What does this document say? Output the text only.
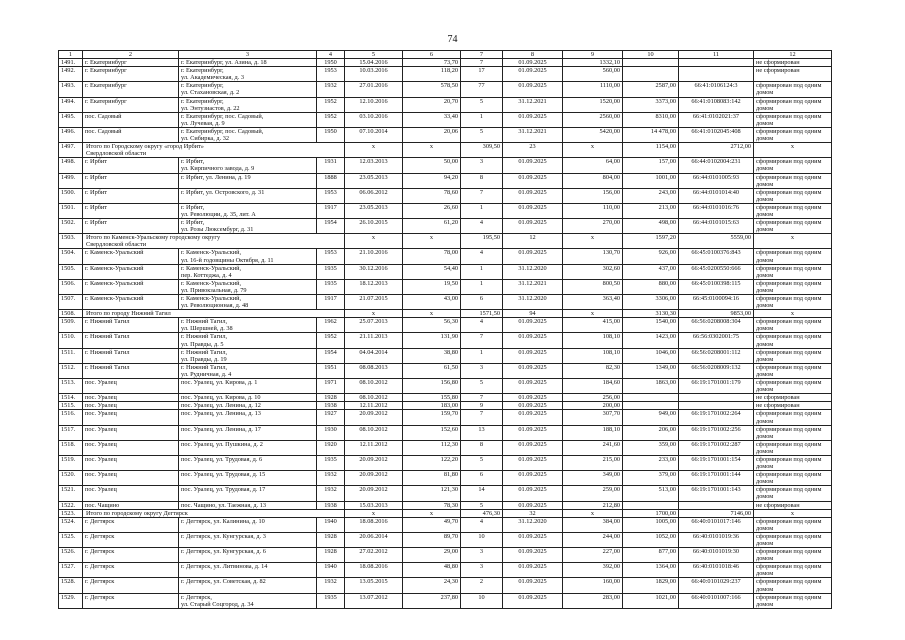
74
1	2	3	4	5	6	7	8	9	10	11	12	
1491.	г. Екатеринбург	г. Екатеринбург, ул. Азина, д. 18	1950	15.04.2016	73,70	7	01.09.2025	1332,10			не сформирован	
1492.	г. Екатеринбург	г. Екатеринбург,
ул. Академическая, д. 3	1953	10.03.2016	118,20	17	01.09.2025	560,00			не сформирован	
1493.	г. Екатеринбург	г. Екатеринбург,
ул. Стахановская, д. 2	1932	27.01.2016	578,50	77	01.09.2025	1110,00	2587,00	66:41:0106124:3	сформирован под одним домом	
1494.	г. Екатеринбург	г. Екатеринбург,
ул. Энтузиастов, д. 22	1952	12.10.2016	20,70	5	31.12.2021	1520,00	3373,00	66:41:0108083:142	сформирован под одним домом	
1495.	пос. Садовый	г. Екатеринбург, пос. Садовый,
ул. Лучевая, д. 9	1952	03.10.2016	33,40	1	01.09.2025	2560,00	8310,00	66:41:0102021:37	сформирован под одним домом	
1496.	пос. Садовый	г. Екатеринбург, пос. Садовый,
ул. Сибирка, д. 32	1950	07.10.2014	20,06	5	31.12.2021	5420,00	14 478,00	66:41:0102045:408	сформирован под одним домом	
1497.	Итого по Городскому округу «город Ирбит»
Свердловской области			x	x	309,50	23	x	1154,00	2712,00	x	
1498.	г. Ирбит	г. Ирбит,
ул. Кирпичного завода, д. 9	1931	12.03.2013	50,00	3	01.09.2025	64,00	157,00	66:44:0102004:231	сформирован под одним домом	
1499.	г. Ирбит	г. Ирбит, ул. Ленина, д. 19	1888	23.05.2013	94,20	8	01.09.2025	804,00	1001,00	66:44:0101005:93	сформирован под одним домом	
1500.	г. Ирбит	г. Ирбит, ул. Островского, д. 31	1953	06.06.2012	78,60	7	01.09.2025	156,00	243,00	66:44:0101014:40	сформирован под одним домом	
1501.	г. Ирбит	г. Ирбит,
ул. Революции, д. 35, лит. А	1917	23.05.2013	26,60	1	01.09.2025	110,00	213,00	66:44:0101016:76	сформирован под одним домом	
1502.	г. Ирбит	г. Ирбит,
ул. Розы Люксембург, д. 31	1954	26.10.2015	61,20	4	01.09.2025	270,00	498,00	66:44:0101015:63	сформирован под одним домом	
1503.	Итого по Каменск-Уральскому городскому округу
Свердловской области			x	x	195,50	12	x	1597,20	5559,00	x	
1504.	г. Каменск-Уральский	г. Каменск-Уральский,
ул. 16-й годовщины Октября, д. 11	1953	21.10.2016	78,00	4	01.09.2025	130,70	926,00	66:45:0100376:843	сформирован под одним домом	
1505.	г. Каменск-Уральский	г. Каменск-Уральский,
пер. Коттеджа, д. 4	1935	30.12.2016	54,40	1	31.12.2020	302,60	437,00	66:45:0200550:666	сформирован под одним домом	
1506.	г. Каменск-Уральский	г. Каменск-Уральский,
ул. Привокзальная, д. 79	1935	18.12.2013	19,50	1	31.12.2021	800,50	880,00	66:45:0100398:115	сформирован под одним домом	
1507.	г. Каменск-Уральский	г. Каменск-Уральский,
ул. Революционная, д. 48	1917	21.07.2015	43,00	6	31.12.2020	363,40	3306,00	66:45:0100094:16	сформирован под одним домом	
1508.	Итого по городу Нижний Тагил			x	x	1571,50	94	x	3130,30	9853,00	x	
1509.	г. Нижний Тагил	г. Нижний Тагил,
ул. Шершней, д. 38	1962	25.07.2013	56,30	4	01.09.2025	415,00	1540,00	66:56:0208008:304	сформирован под одним домом	
1510.	г. Нижний Тагил	г. Нижний Тагил,
ул. Правды, д. 5	1952	21.11.2013	131,90	7	01.09.2025	108,10	1423,00	66:56:0302001:75	сформирован под одним домом	
1511.	г. Нижний Тагил	г. Нижний Тагил,
ул. Правды, д. 19	1954	04.04.2014	38,80	1	01.09.2025	108,10	1046,00	66:56:0208001:112	сформирован под одним домом	
1512.	г. Нижний Тагил	г. Нижний Тагил,
ул. Рудничная, д. 4	1951	08.08.2013	61,50	3	01.09.2025	82,30	1349,00	66:56:0208009:132	сформирован под одним домом	
1513.	пос. Уралец	пос. Уралец, ул. Кирова, д. 1	1971	08.10.2012	156,80	5	01.09.2025	184,60	1863,00	66:19:1701001:179	сформирован под одним домом	
1514.	пос. Уралец	пос. Уралец, ул. Кирова, д. 10	1928	08.10.2012	155,80	7	01.09.2025	256,00			не сформирован	
1515.	пос. Уралец	пос. Уралец, ул. Ленина, д. 12	1938	12.11.2012	183,00	9	01.09.2025	200,00			не сформирован	
1516.	пос. Уралец	пос. Уралец, ул. Ленина, д. 13	1927	20.09.2012	159,70	7	01.09.2025	307,70	949,00	66:19:1701002:264	сформирован под одним домом	
1517.	пос. Уралец	пос. Уралец, ул. Ленина, д. 17	1930	08.10.2012	152,60	13	01.09.2025	188,10	206,00	66:19:1701002:256	сформирован под одним домом	
1518.	пос. Уралец	пос. Уралец, ул. Пушкина, д. 2	1920	12.11.2012	112,30	8	01.09.2025	241,60	359,00	66:19:1701002:287	сформирован под одним домом	
1519.	пос. Уралец	пос. Уралец, ул. Трудовая, д. 6	1935	20.09.2012	122,20	5	01.09.2025	215,00	233,00	66:19:1701001:154	сформирован под одним домом	
1520.	пос. Уралец	пос. Уралец, ул. Трудовая, д. 15	1932	20.09.2012	81,80	6	01.09.2025	349,00	379,00	66:19:1701001:144	сформирован под одним домом	
1521.	пос. Уралец	пос. Уралец, ул. Трудовая, д. 17	1932	20.09.2012	121,30	14	01.09.2025	259,00	513,00	66:19:1701001:143	сформирован под одним домом	
1522.	пос. Чащино	пос. Чащино, ул. Таежная, д. 13	1938	15.03.2013	78,30	5	01.09.2025	212,80			не сформирован	
1523.	Итого по городскому округу Дегтярск			x	x	476,30	32	x	1700,00	7146,00	x	
1524.	г. Дегтярск	г. Дегтярск, ул. Калинина, д. 10	1940	18.08.2016	49,70	4	31.12.2020	384,00	1005,00	66:40:0101017:146	сформирован под одним домом	
1525.	г. Дегтярск	г. Дегтярск, ул. Кунгурская, д. 3	1928	20.06.2014	89,70	10	01.09.2025	244,00	1052,00	66:40:0101019:36	сформирован под одним домом	
1526.	г. Дегтярск	г. Дегтярск, ул. Кунгурская, д. 6	1928	27.02.2012	29,00	3	01.09.2025	227,00	877,00	66:40:0101019:30	сформирован под одним домом	
1527.	г. Дегтярск	г. Дегтярск, ул. Литвинова, д. 14	1940	18.08.2016	48,80	3	01.09.2025	392,00	1364,00	66:40:0101018:46	сформирован под одним домом	
1528.	г. Дегтярск	г. Дегтярск, ул. Советская, д. 82	1932	13.05.2015	24,30	2	01.09.2025	160,00	1829,00	66:40:0101029:237	сформирован под одним домом	
1529.	г. Дегтярск	г. Дегтярск,
ул. Старый Соцгород, д. 34	1935	13.07.2012	237,80	10	01.09.2025	283,00	1021,00	66:40:0101007:166	сформирован под одним домом	
